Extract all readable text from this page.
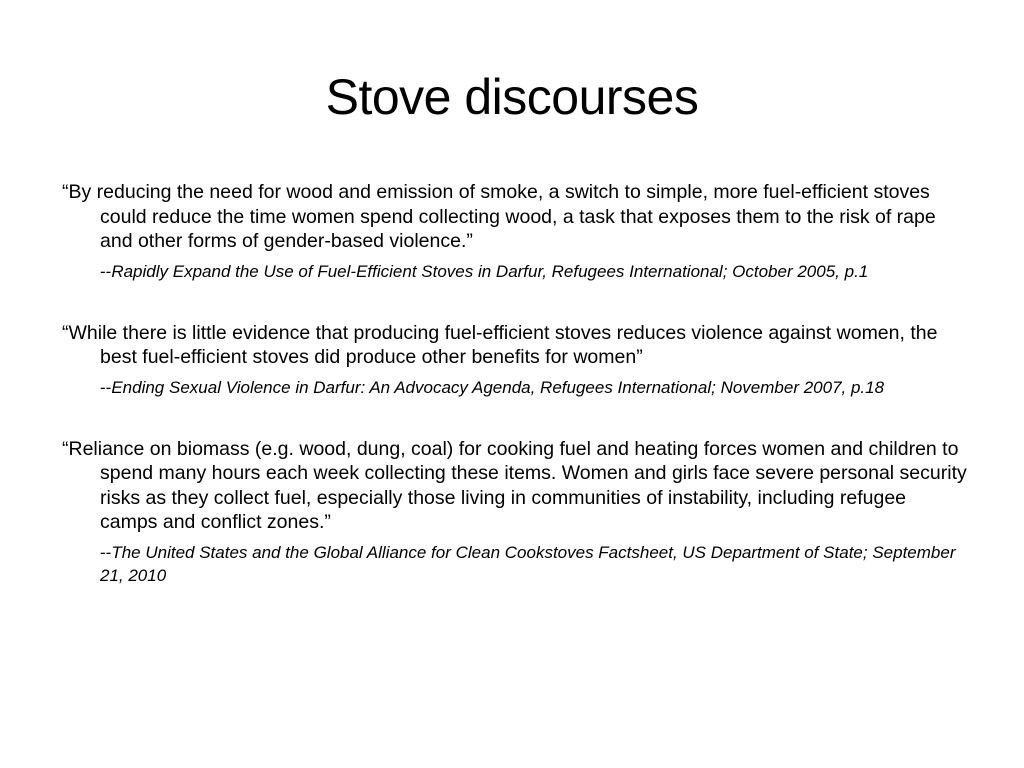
Stove discourses

“By reducing the need for wood and emission of smoke, a switch to simple, more fuel-efficient stoves could reduce the time women spend collecting wood, a task that exposes them to the risk of rape and other forms of gender-based violence.”

--Rapidly Expand the Use of Fuel-Efficient Stoves in Darfur, Refugees International; October 2005, p.1

“While there is little evidence that producing fuel-efficient stoves reduces violence against women, the best fuel-efficient stoves did produce other benefits for women”

--Ending Sexual Violence in Darfur: An Advocacy Agenda, Refugees International; November 2007, p.18

“Reliance on biomass (e.g. wood, dung, coal) for cooking fuel and heating forces women and children to spend many hours each week collecting these items. Women and girls face severe personal security risks as they collect fuel, especially those living in communities of instability, including refugee camps and conflict zones.”

--The United States and the Global Alliance for Clean Cookstoves Factsheet, US Department of State; September 21, 2010
